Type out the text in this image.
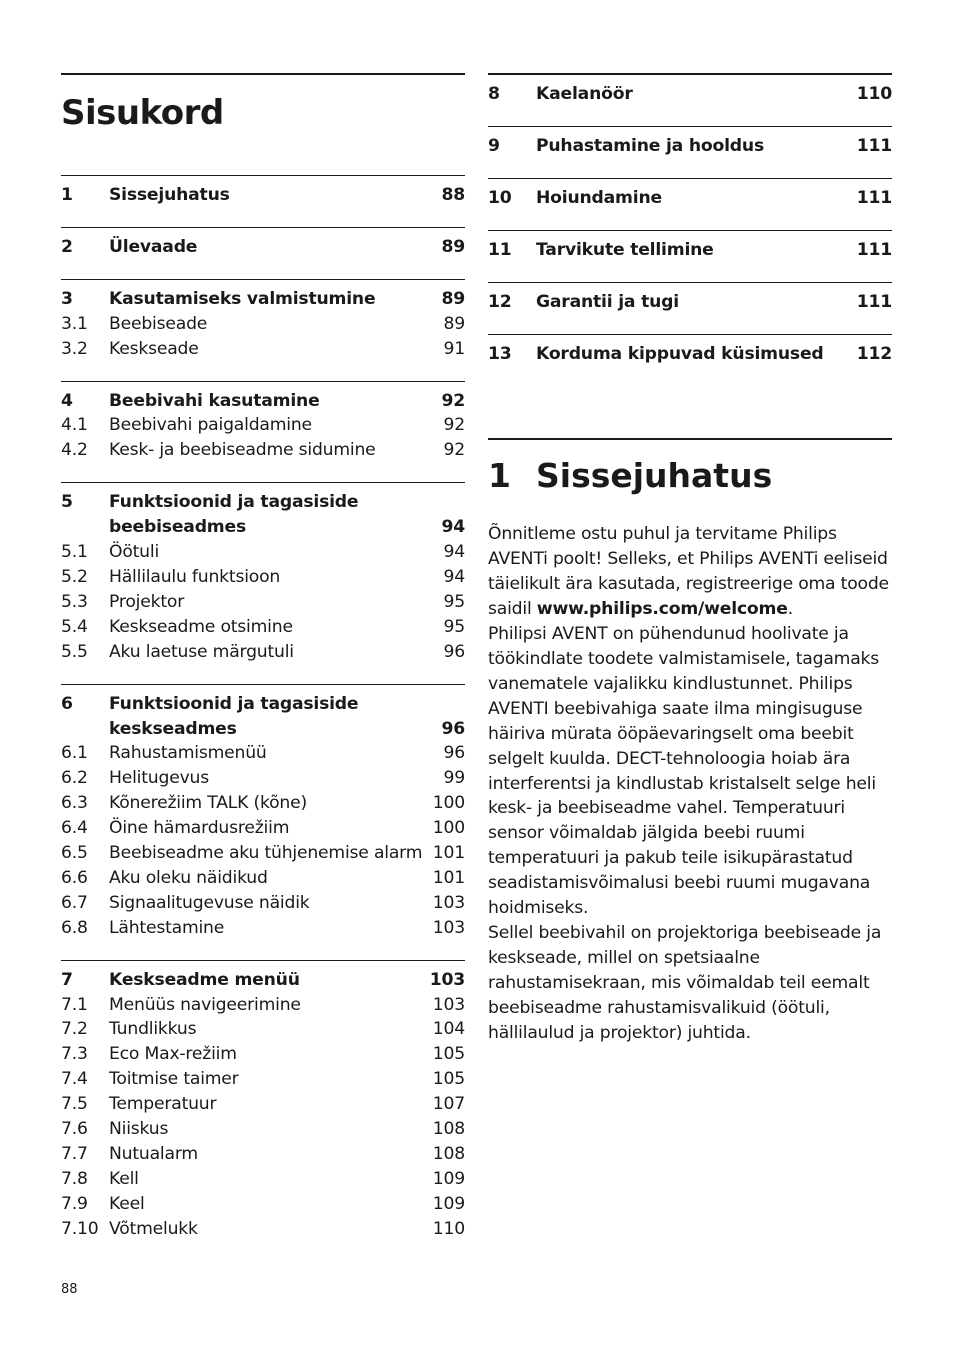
Sisukord
1	Sissejuhatus	88
2	Ülevaade	89
3	Kasutamiseks valmistumine	89
3.1	Beebiseade	89
3.2	Keskseade	91
4	Beebivahi kasutamine	92
4.1	Beebivahi paigaldamine	92
4.2	Kesk- ja beebiseadme sidumine	92
5	Funktsioonid ja tagasiside
beebiseadmes	94
5.1	Öötuli	94
5.2	Hällilaulu funktsioon	94
5.3	Projektor	95
5.4	Keskseadme otsimine	95
5.5	Aku laetuse märgutuli	96
6	Funktsioonid ja tagasiside
keskseadmes	96
6.1	Rahustamismenüü	96
6.2	Helitugevus	99
6.3	Kõnerežiim TALK (kõne)	100
6.4	Öine hämardusrežiim	100
6.5	Beebiseadme aku tühjenemise alarm 101
6.6	Aku oleku näidikud	101
6.7	Signaalitugevuse näidik	103
6.8	Lähtestamine	103
7	Keskseadme menüü	103
7.1	Menüüs navigeerimine	103
7.2	Tundlikkus	104
7.3	Eco Max-režiim	105
7.4	Toitmise taimer	105
7.5	Temperatuur	107
7.6	Niiskus	108
7.7	Nutualarm	108
7.8	Kell	109
7.9	Keel	109
7.10 Võtmelukk	110
8	Kaelanöör	110
9	Puhastamine ja hooldus	111
10	Hoiundamine	111
11	Tarvikute tellimine	111
12	Garantii ja tugi	111
13	Korduma kippuvad küsimused	112
1 Sissejuhatus

Õnnitleme ostu puhul ja tervitame Philips AVENTi poolt! Selleks, et Philips AVENTi eeliseid täielikult ära kasutada, registreerige oma toode saidil www.philips.com/welcome.

Philipsi AVENT on pühendunud hoolivate ja töökindlate toodete valmistamisele, tagamaks vanematele vajalikku kindlustunnet. Philips AVENTI beebivahiga saate ilma mingisuguse häiriva mürata ööpäevaringselt oma beebit selgelt kuulda. DECT-tehnoloogia hoiab ära interferentsi ja kindlustab kristalselt selge heli kesk- ja beebiseadme vahel. Temperatuuri sensor võimaldab jälgida beebi ruumi temperatuuri ja pakub teile isikupärastatud seadistamisvõimalusi beebi ruumi mugavana hoidmiseks.

Sellel beebivahil on projektoriga beebiseade ja keskseade, millel on spetsiaalne rahustamisekraan, mis võimaldab teil eemalt beebiseadme rahustamisvalikuid (öötuli, hällilaulud ja projektor) juhtida.

88
